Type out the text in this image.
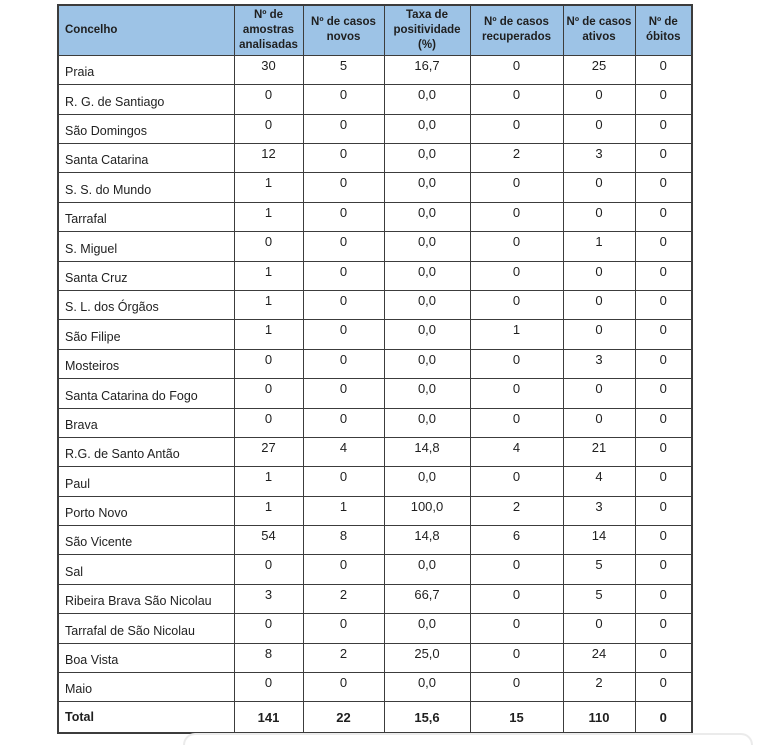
Concelho	Nº de amostras analisadas	Nº de casos novos	Taxa de positividade (%)	Nº de casos recuperados	Nº de casos ativos	Nº de óbitos
Praia	30	5	16,7	0	25	0
R. G. de Santiago	0	0	0,0	0	0	0
São Domingos	0	0	0,0	0	0	0
Santa Catarina	12	0	0,0	2	3	0
S. S. do Mundo	1	0	0,0	0	0	0
Tarrafal	1	0	0,0	0	0	0
S. Miguel	0	0	0,0	0	1	0
Santa Cruz	1	0	0,0	0	0	0
S. L. dos Órgãos	1	0	0,0	0	0	0
São Filipe	1	0	0,0	1	0	0
Mosteiros	0	0	0,0	0	3	0
Santa Catarina do Fogo	0	0	0,0	0	0	0
Brava	0	0	0,0	0	0	0
R.G. de Santo Antão	27	4	14,8	4	21	0
Paul	1	0	0,0	0	4	0
Porto Novo	1	1	100,0	2	3	0
São Vicente	54	8	14,8	6	14	0
Sal	0	0	0,0	0	5	0
Ribeira Brava São Nicolau	3	2	66,7	0	5	0
Tarrafal de São Nicolau	0	0	0,0	0	0	0
Boa Vista	8	2	25,0	0	24	0
Maio	0	0	0,0	0	2	0
Total	141	22	15,6	15	110	0
